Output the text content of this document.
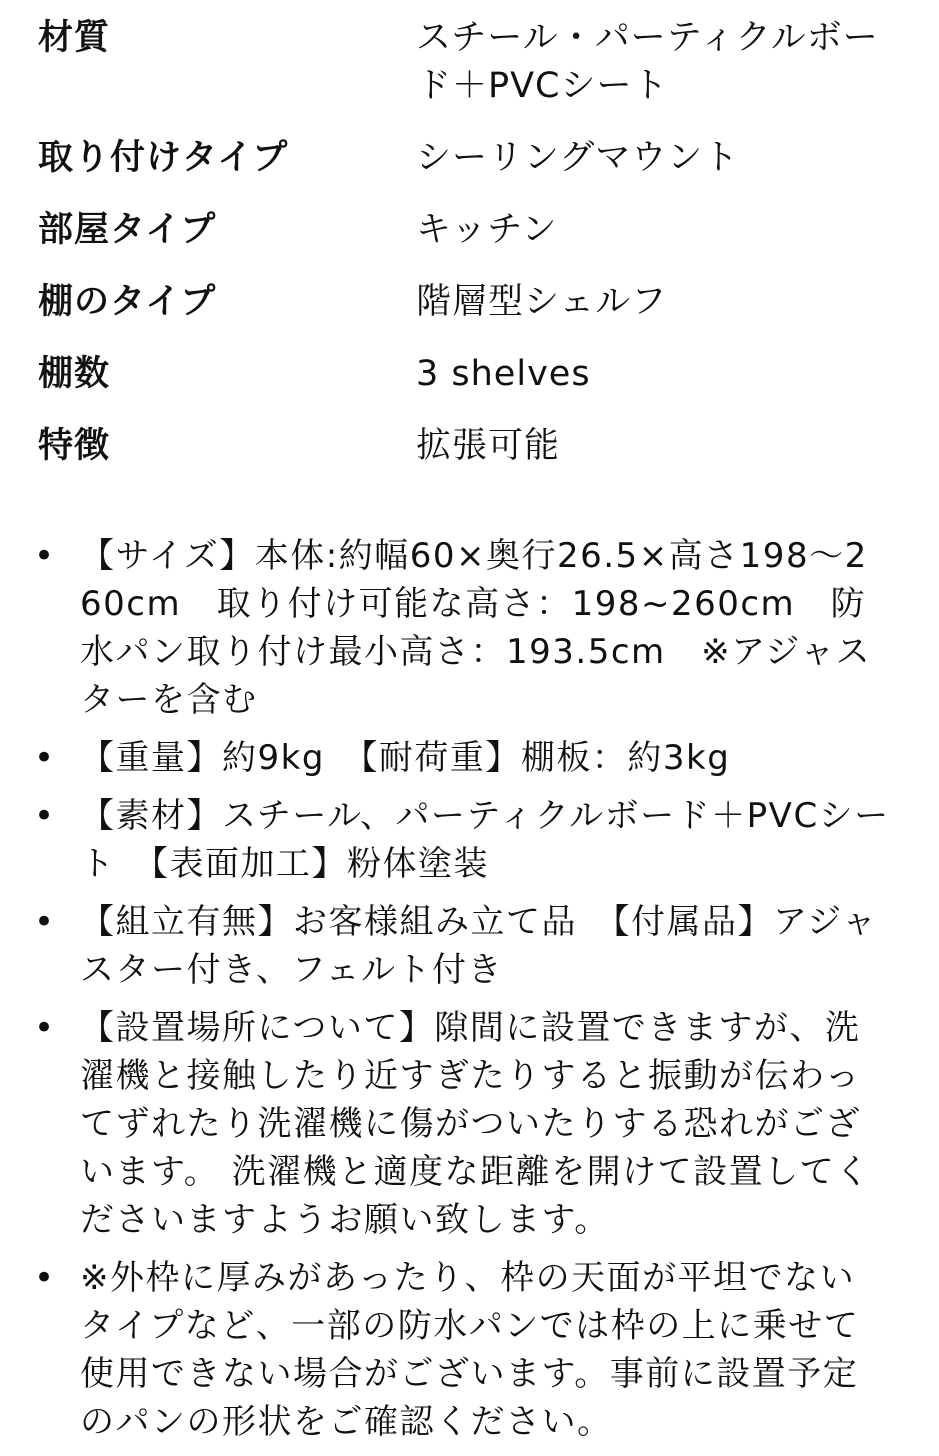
材質	スチール・パーティクルボード＋PVCシート
取り付けタイプ	シーリングマウント
部屋タイプ	キッチン
棚のタイプ	階層型シェルフ
棚数	3 shelves
特徴	拡張可能
• 【サイズ】本体:約幅60×奥行26.5×高さ198～260cm　取り付け可能な高さ：198~260cm　防水パン取り付け最小高さ：193.5cm　※アジャスターを含む
• 【重量】約9kg　【耐荷重】棚板：約3kg
• 【素材】スチール、パーティクルボード＋PVCシート　【表面加工】粉体塗装
• 【組立有無】お客様組み立て品　【付属品】アジャスター付き、フェルト付き
• 【設置場所について】隙間に設置できますが、洗濯機と接触したり近すぎたりすると振動が伝わってずれたり洗濯機に傷がついたりする恐れがございます。 洗濯機と適度な距離を開けて設置してくださいますようお願い致します。
• ※外枠に厚みがあったり、枠の天面が平坦でないタイプなど、一部の防水パンでは枠の上に乗せて使用できない場合がございます。事前に設置予定のパンの形状をご確認ください。
